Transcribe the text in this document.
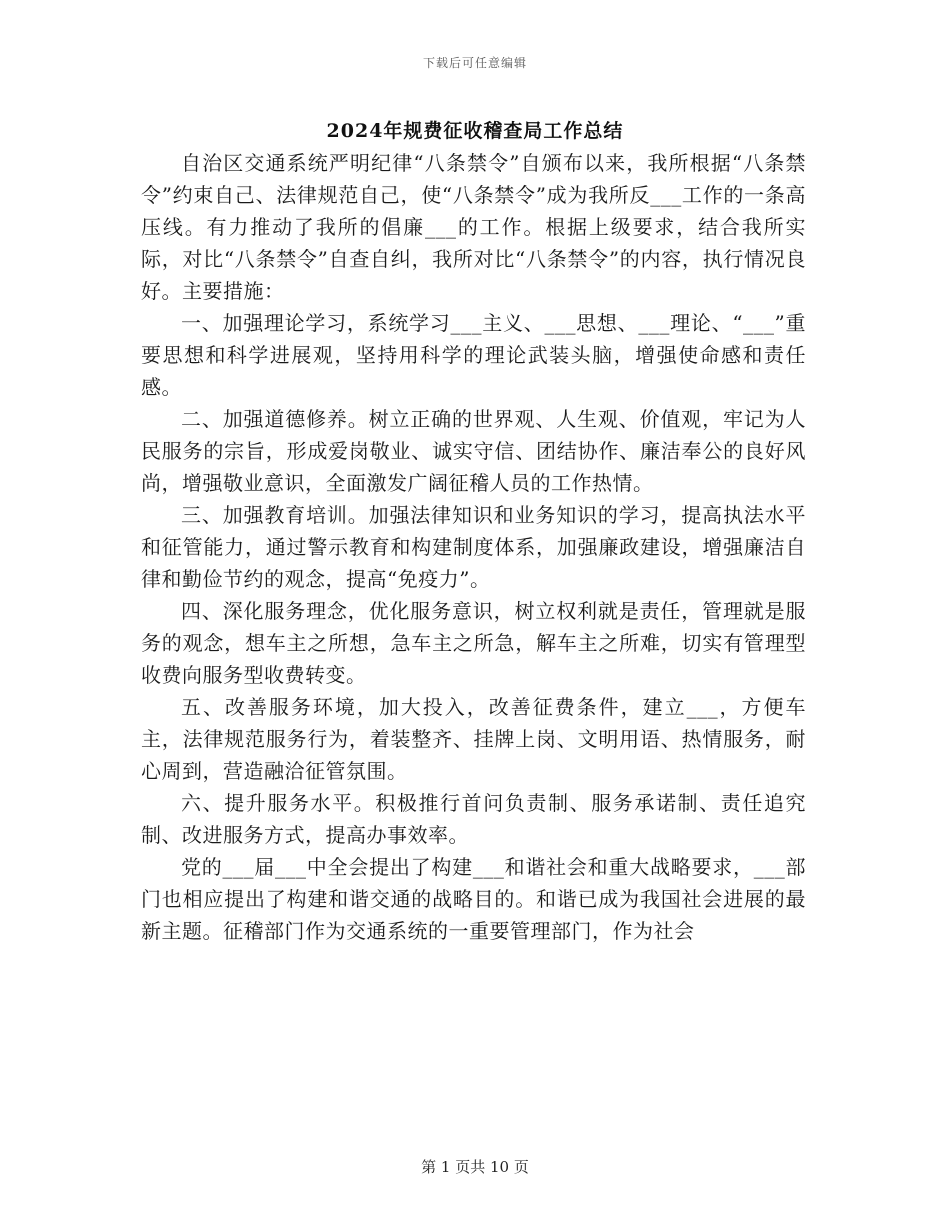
下载后可任意编辑
2024年规费征收稽查局工作总结

自治区交通系统严明纪律“八条禁令”自颁布以来，我所根据“八条禁令”约束自己、法律规范自己，使“八条禁令”成为我所反___工作的一条高压线。有力推动了我所的倡廉___的工作。根据上级要求，结合我所实际，对比“八条禁令”自查自纠，我所对比“八条禁令”的内容，执行情况良好。主要措施：

一、加强理论学习，系统学习___主义、___思想、___理论、“___”重要思想和科学进展观，坚持用科学的理论武装头脑，增强使命感和责任感。

二、加强道德修养。树立正确的世界观、人生观、价值观，牢记为人民服务的宗旨，形成爱岗敬业、诚实守信、团结协作、廉洁奉公的良好风尚，增强敬业意识，全面激发广阔征稽人员的工作热情。

三、加强教育培训。加强法律知识和业务知识的学习，提高执法水平和征管能力，通过警示教育和构建制度体系，加强廉政建设，增强廉洁自律和勤俭节约的观念，提高“免疫力”。

四、深化服务理念，优化服务意识，树立权利就是责任，管理就是服务的观念，想车主之所想，急车主之所急，解车主之所难，切实有管理型收费向服务型收费转变。

五、改善服务环境，加大投入，改善征费条件，建立___，方便车主，法律规范服务行为，着装整齐、挂牌上岗、文明用语、热情服务，耐心周到，营造融洽征管氛围。

六、提升服务水平。积极推行首问负责制、服务承诺制、责任追究制、改进服务方式，提高办事效率。

党的___届___中全会提出了构建___和谐社会和重大战略要求，___部门也相应提出了构建和谐交通的战略目的。和谐已成为我国社会进展的最新主题。征稽部门作为交通系统的一重要管理部门，作为社会

第 1 页共 10 页
